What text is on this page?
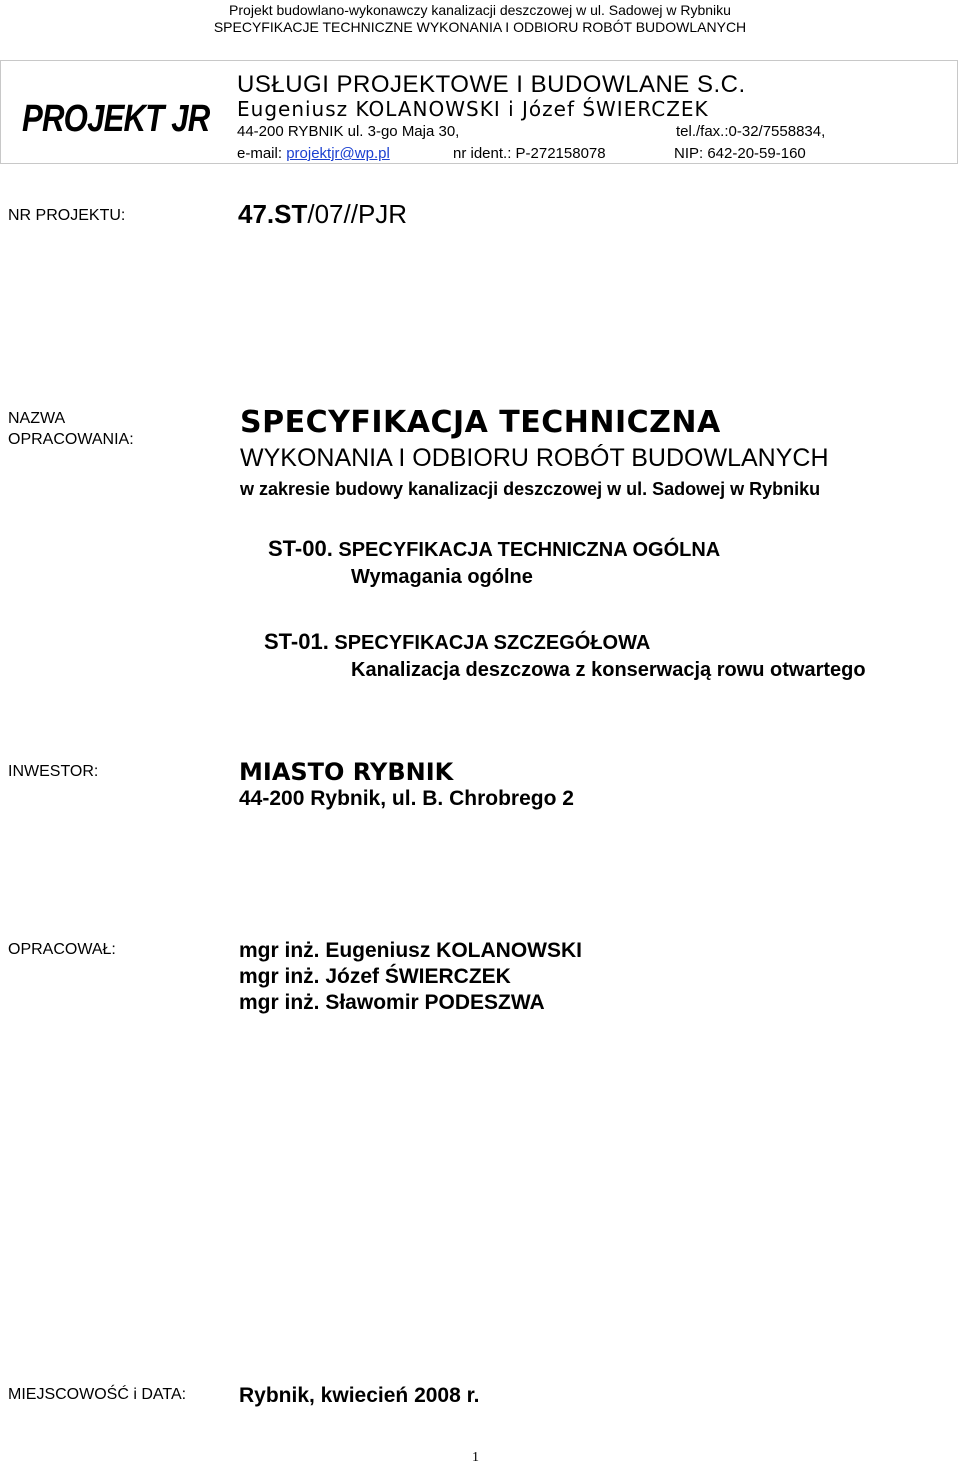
Projekt budowlano-wykonawczy kanalizacji deszczowej w ul. Sadowej w Rybniku
SPECYFIKACJE TECHNICZNE WYKONANIA I ODBIORU ROBÓT BUDOWLANYCH
PROJEKT JR
USŁUGI PROJEKTOWE I BUDOWLANE S.C.
Eugeniusz KOLANOWSKI i Józef ŚWIERCZEK
44-200 RYBNIK ul. 3-go Maja 30,	tel./fax.:0-32/7558834,
e-mail: projektjr@wp.pl	nr ident.: P-272158078	NIP: 642-20-59-160
NR PROJEKTU:	47.ST/07//PJR
NAZWA
OPRACOWANIA:	SPECYFIKACJA TECHNICZNA
WYKONANIA I ODBIORU ROBÓT BUDOWLANYCH
w zakresie budowy kanalizacji deszczowej w ul. Sadowej w Rybniku
ST-00. SPECYFIKACJA TECHNICZNA OGÓLNA
Wymagania ogólne
ST-01. SPECYFIKACJA SZCZEGÓŁOWA
Kanalizacja deszczowa z konserwacją rowu otwartego
INWESTOR:	MIASTO RYBNIK
44-200 Rybnik, ul. B. Chrobrego 2
OPRACOWAŁ:	mgr inż. Eugeniusz KOLANOWSKI
mgr inż. Józef ŚWIERCZEK
mgr inż. Sławomir PODESZWA
MIEJSCOWOŚĆ i DATA:	Rybnik, kwiecień 2008 r.
1
